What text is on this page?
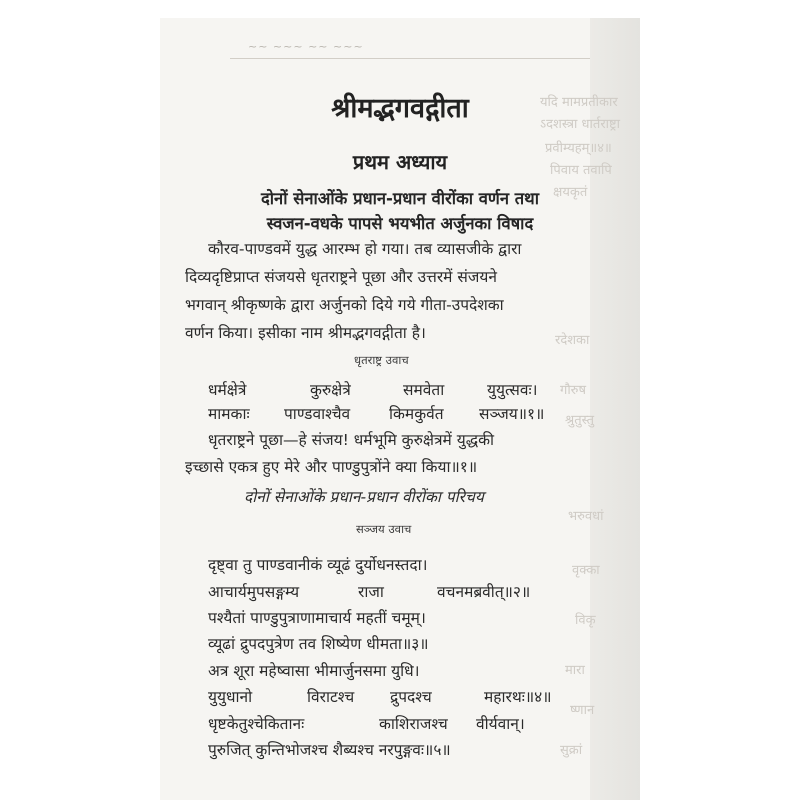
यदि मामप्रतीकार
ऽदशस्त्रा धार्तराष्ट्रा
प्रवीम्यहम्॥४॥
पिवाय तवापि
क्षयकृतं
रदेशका
गौरुष
श्रुतुस्तु
भरुवधां
वृक्का
विकृ
मारा
ष्णान
सुक्रां
~~ ~~~ ~~ ~~~
श्रीमद्भगवद्गीता
प्रथम अध्याय
दोनों सेनाओंके प्रधान-प्रधान वीरोंका वर्णन तथा
स्वजन-वधके पापसे भयभीत अर्जुनका विषाद
कौरव-पाण्डवमें युद्ध आरम्भ हो गया। तब व्यासजीके द्वारा
दिव्यदृष्टिप्राप्त संजयसे धृतराष्ट्रने पूछा और उत्तरमें संजयने
भगवान् श्रीकृष्णके द्वारा अर्जुनको दिये गये गीता-उपदेशका
वर्णन किया। इसीका नाम श्रीमद्भगवद्गीता है।
धृतराष्ट्र उवाच
धर्मक्षेत्रे	कुरुक्षेत्रे	समवेता	युयुत्सवः।
मामकाः पाण्डवाश्चैव	किमकुर्वत सञ्जय॥१॥
धृतराष्ट्रने पूछा—हे संजय! धर्मभूमि कुरुक्षेत्रमें युद्धकी
इच्छासे एकत्र हुए मेरे और पाण्डुपुत्रोंने क्या किया॥१॥
दोनों सेनाओंके प्रधान-प्रधान वीरोंका परिचय
सञ्जय उवाच
दृष्ट्वा तु पाण्डवानीकं व्यूढं दुर्योधनस्तदा।
आचार्यमुपसङ्गम्य	राजा	वचनमब्रवीत्॥२॥
पश्यैतां पाण्डुपुत्राणामाचार्य महतीं चमूम्।
व्यूढां द्रुपदपुत्रेण तव शिष्येण धीमता॥३॥
अत्र शूरा महेष्वासा भीमार्जुनसमा युधि।
युयुधानो	विराटश्च द्रुपदश्च	महारथः॥४॥
धृष्टकेतुश्चेकितानः	काशिराजश्च वीर्यवान्।
पुरुजित् कुन्तिभोजश्च शैब्यश्च नरपुङ्गवः॥५॥
